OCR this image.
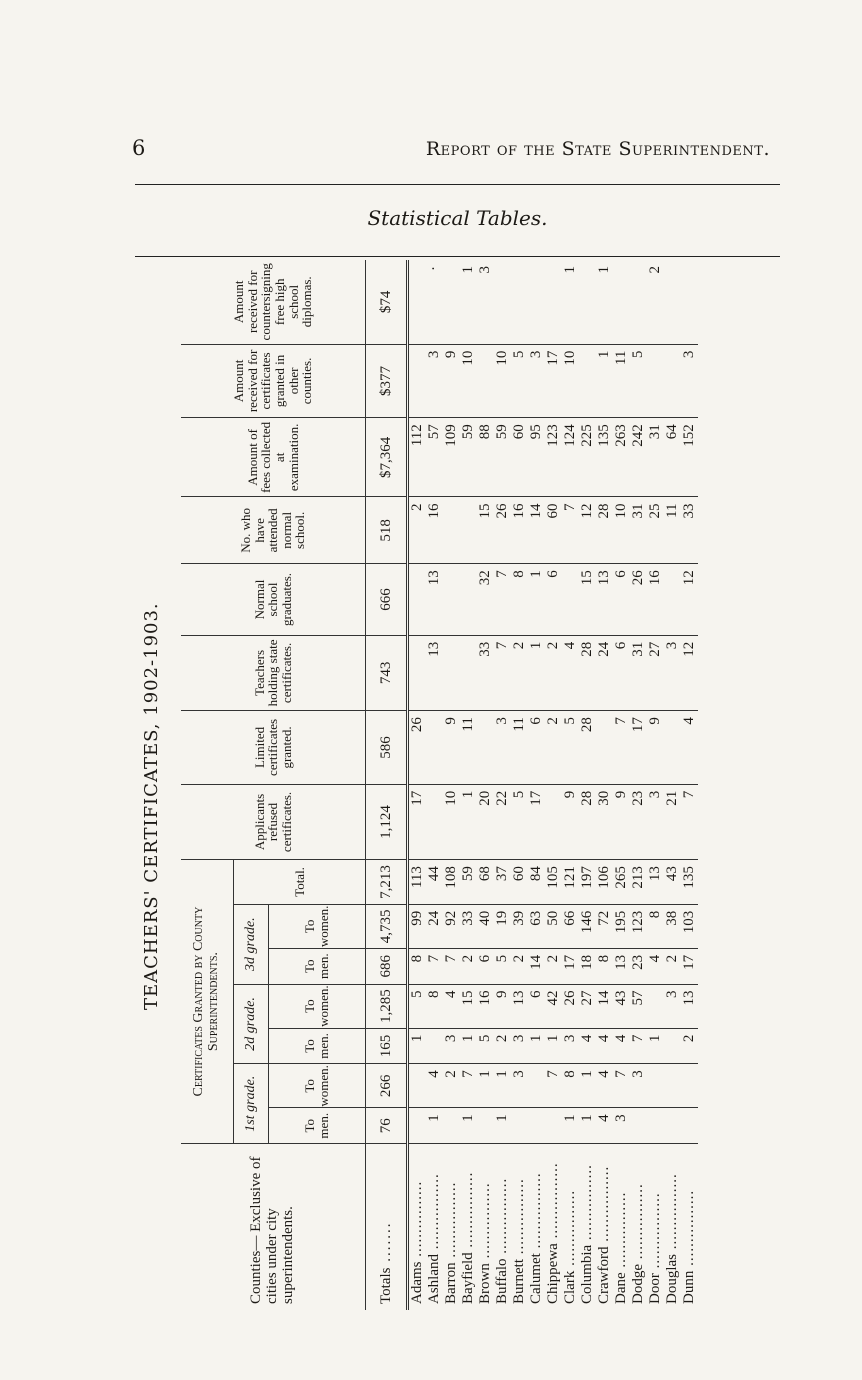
6	Report of the State Superintendent.
Statistical Tables.
TEACHERS' CERTIFICATES, 1902-1903.
Counties— Exclusive of cities under city superintendents.	Certificates Granted by County Superintendents.							Applicants refused certificates.	Limited certificates granted.	Teachers holding state certificates.	Normal school graduates.	No. who have attended normal school.	Amount of fees collected at examination.	Amount received for certificates granted in other counties.	Amount received for countersigning free high school diplomas.
	1st grade.		2d grade.		3d grade.		Total.								
	To men.	To women.	To men.	To women.	To men.	To women.									
Totals .......	76	266	165	1,285	686	4,735	7,213	1,124	586	743	666	518	$7,364	$377	$74
Adams .....			1	5	8	99	113	17	26			2	112		
Ashland .....	1	4		8	7	24	44			13	13	16	57	3	·
Barron .....		2	3	4	7	92	108	10	9				109	9	
Bayfield .....	1	7	1	15	2	33	59	1	11				59	10	1
Brown .....		1	5	16	6	40	68	20		33	32	15	88		3
Buffalo .....	1	1	2	9	5	19	37	22	3	7	7	26	59	10	
Burnett .....		3	3	13	2	39	60	5	11	2	8	16	60	5	
Calumet .....			1	6	14	63	84	17	6	1	1	14	95	3	
Chippewa .....		7	1	42	2	50	105		2	2	6	60	123	17	
Clark .....	1	8	3	26	17	66	121	9	5	4		7	124	10	1
Columbia .....	1	1	4	27	18	146	197	28	28	28	15	12	225		
Crawford .....	4	4	4	14	8	72	106	30		24	13	28	135	1	1
Dane .....	3	7	4	43	13	195	265	9	7	6	6	10	263	11	
Dodge .....		3	7	57	23	123	213	23	17	31	26	31	242	5	
Door .....			1		4	8	13	3	9	27	16	25	31		2
Douglas .....				3	2	38	43	21		3		11	64		
Dunn .....			2	13	17	103	135	7	4	12	12	33	152	3	
